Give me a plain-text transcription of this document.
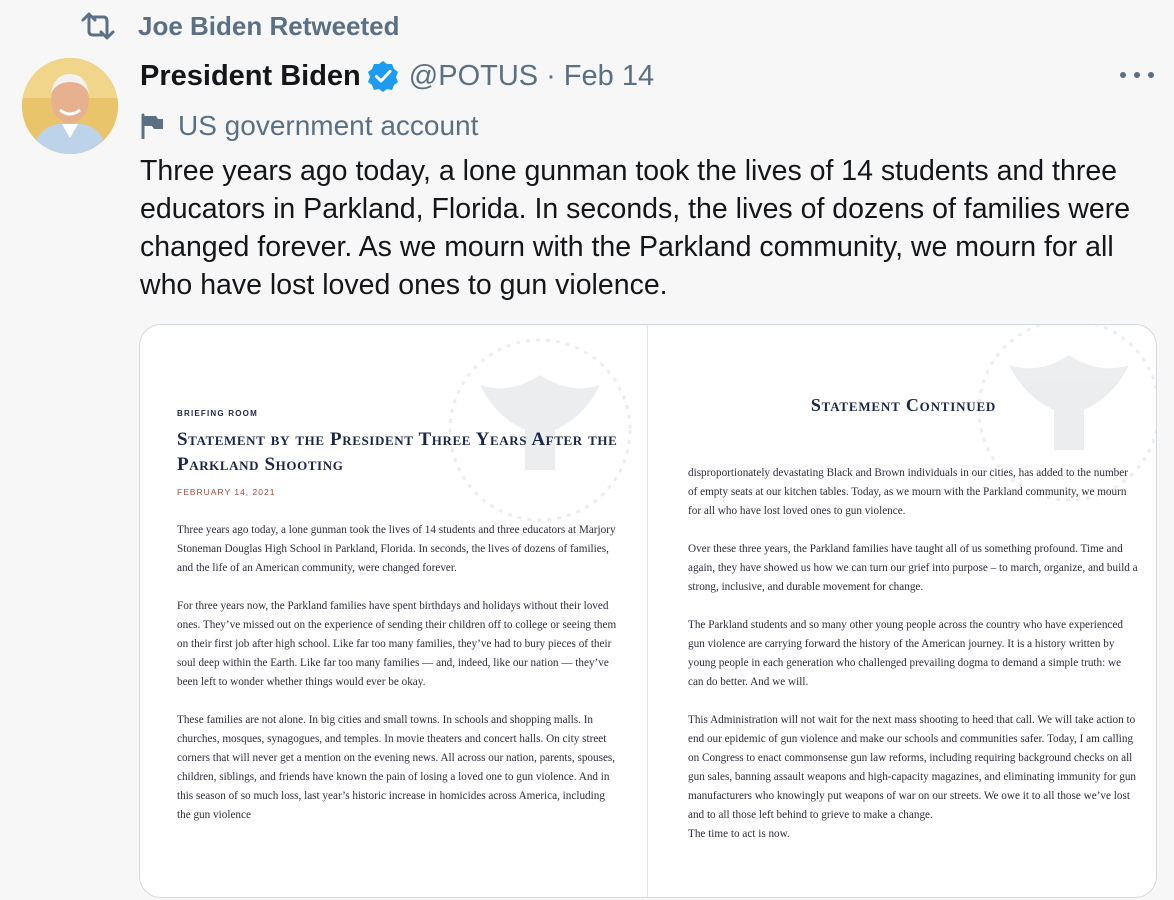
Joe Biden Retweeted
President Biden @POTUS · Feb 14
US government account
Three years ago today, a lone gunman took the lives of 14 students and three educators in Parkland, Florida. In seconds, the lives of dozens of families were changed forever. As we mourn with the Parkland community, we mourn for all who have lost loved ones to gun violence.
BRIEFING ROOM
Statement by the President Three Years After the Parkland Shooting
FEBRUARY 14, 2021

Three years ago today, a lone gunman took the lives of 14 students and three educators at Marjory Stoneman Douglas High School in Parkland, Florida. In seconds, the lives of dozens of families, and the life of an American community, were changed forever.

For three years now, the Parkland families have spent birthdays and holidays without their loved ones. They’ve missed out on the experience of sending their children off to college or seeing them on their first job after high school. Like far too many families, they’ve had to bury pieces of their soul deep within the Earth. Like far too many families — and, indeed, like our nation — they’ve been left to wonder whether things would ever be okay.

These families are not alone. In big cities and small towns. In schools and shopping malls. In churches, mosques, synagogues, and temples. In movie theaters and concert halls. On city street corners that will never get a mention on the evening news. All across our nation, parents, spouses, children, siblings, and friends have known the pain of losing a loved one to gun violence. And in this season of so much loss, last year’s historic increase in homicides across America, including the gun violence

Statement Continued

disproportionately devastating Black and Brown individuals in our cities, has added to the number of empty seats at our kitchen tables. Today, as we mourn with the Parkland community, we mourn for all who have lost loved ones to gun violence.

Over these three years, the Parkland families have taught all of us something profound. Time and again, they have showed us how we can turn our grief into purpose – to march, organize, and build a strong, inclusive, and durable movement for change.

The Parkland students and so many other young people across the country who have experienced gun violence are carrying forward the history of the American journey. It is a history written by young people in each generation who challenged prevailing dogma to demand a simple truth: we can do better. And we will.

This Administration will not wait for the next mass shooting to heed that call. We will take action to end our epidemic of gun violence and make our schools and communities safer. Today, I am calling on Congress to enact commonsense gun law reforms, including requiring background checks on all gun sales, banning assault weapons and high-capacity magazines, and eliminating immunity for gun manufacturers who knowingly put weapons of war on our streets. We owe it to all those we’ve lost and to all those left behind to grieve to make a change.

The time to act is now.
